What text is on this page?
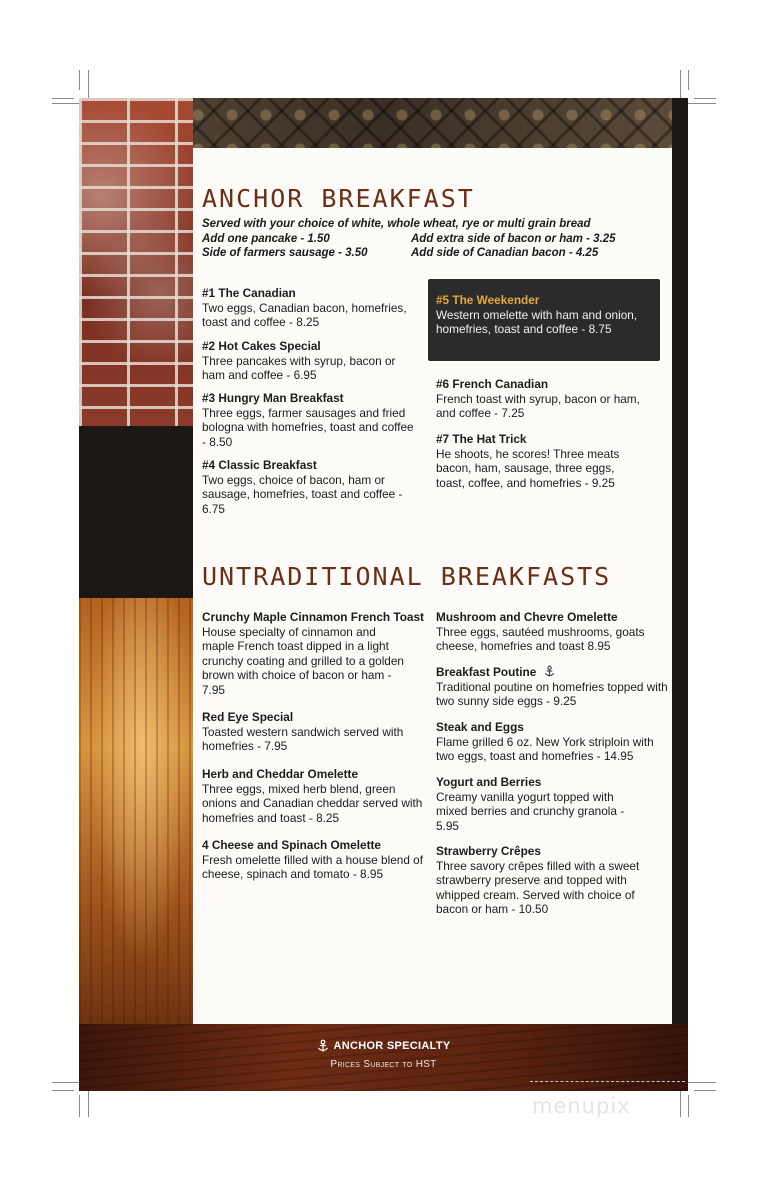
ANCHOR BREAKFAST
Served with your choice of white, whole wheat, rye or multi grain bread
Add one pancake - 1.50	Add extra side of bacon or ham - 3.25
Side of farmers sausage - 3.50	Add side of Canadian bacon - 4.25
#1 The Canadian
Two eggs, Canadian bacon, homefries, toast and coffee - 8.25
#2 Hot Cakes Special
Three pancakes with syrup, bacon or ham and coffee - 6.95
#3 Hungry Man Breakfast
Three eggs, farmer sausages and fried bologna with homefries, toast and coffee - 8.50
#4 Classic Breakfast
Two eggs, choice of bacon, ham or sausage, homefries, toast and coffee - 6.75
#5 The Weekender
Western omelette with ham and onion, homefries, toast and coffee - 8.75
#6 French Canadian
French toast with syrup, bacon or ham, and coffee - 7.25
#7 The Hat Trick
He shoots, he scores! Three meats bacon, ham, sausage, three eggs, toast, coffee, and homefries - 9.25
UNTRADITIONAL BREAKFASTS
Crunchy Maple Cinnamon French Toast
House specialty of cinnamon and maple French toast dipped in a light crunchy coating and grilled to a golden brown with choice of bacon or ham - 7.95
Red Eye Special
Toasted western sandwich served with homefries - 7.95
Herb and Cheddar Omelette
Three eggs, mixed herb blend, green onions and Canadian cheddar served with homefries and toast - 8.25
4 Cheese and Spinach Omelette
Fresh omelette filled with a house blend of cheese, spinach and tomato - 8.95
Mushroom and Chevre Omelette
Three eggs, sautéed mushrooms, goats cheese, homefries and toast 8.95
Breakfast Poutine
Traditional poutine on homefries topped with two sunny side eggs - 9.25
Steak and Eggs
Flame grilled 6 oz. New York striploin with two eggs, toast and homefries - 14.95
Yogurt and Berries
Creamy vanilla yogurt topped with mixed berries and crunchy granola - 5.95
Strawberry Crêpes
Three savory crêpes filled with a sweet strawberry preserve and topped with whipped cream. Served with choice of bacon or ham - 10.50
ANCHOR SPECIALTY
Prices Subject to HST
menupix
